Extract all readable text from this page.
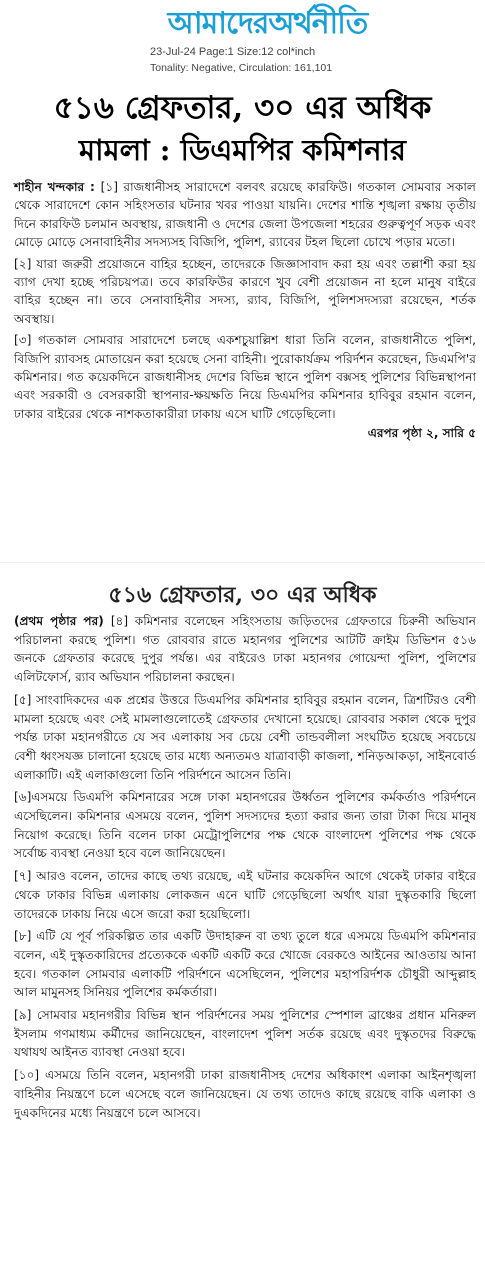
আমাদেরঅর্থনীতি
23-Jul-24 Page:1 Size:12 col*inch
Tonality: Negative, Circulation: 161,101
৫১৬ গ্রেফতার, ৩০ এর অধিক
মামলা : ডিএমপির কমিশনার

শাহীন খন্দকার : [১] রাজধানীসহ সারাদেশে বলবৎ রয়েছে কারফিউ। গতকাল সোমবার সকাল থেকে সারাদেশে কোন সহিংসতার ঘটনার খবর পাওয়া যায়নি। দেশের শান্তি শৃঙ্খলা রক্ষায় তৃতীয় দিনে কারফিউ চলমান অবস্থায়, রাজধানী ও দেশের জেলা উপজেলা শহরের গুরুত্বপূর্ণ সড়ক এবং মোড়ে মোড়ে সেনাবাহিনীর সদস্যসহ বিজিপি, পুলিশ, র‌্যাবের টহল ছিলো চোখে পড়ার মতো।

[২] যারা জরুরী প্রয়োজনে বাহির হচ্ছেন, তাদেরকে জিজ্ঞাসাবাদ করা হয় এবং তল্লাশী করা হয় ব্যাগ দেখা হচ্ছে পরিচয়পত্র। তবে কারফিউর কারণে খুব বেশী প্রয়োজন না হলে মানুষ বাইরে বাহির হচ্ছেন না। তবে সেনাবাহিনীর সদস্য, র‌্যাব, বিজিপি, পুলিশসদস্যরা রয়েছেন, শর্তক অবস্থায়।

[৩] গতকাল সোমবার সারাদেশে চলছে একশচুয়াল্লিশ ধারা তিনি বলেন, রাজধানীতে পুলিশ, বিজিপি র‌্যাবসহ মোতায়েন করা হয়েছে সেনা বাহিনী। পুরোকার্যক্রম পরির্দশন করেছেন, ডিএমপি'র কমিশনার। গত কয়েকদিনে রাজধানীসহ দেশের বিভিন্ন স্থানে পুলিশ বক্সসহ পুলিশের বিভিন্নস্থাপনা এবং সরকারী ও বেসরকারী স্থাপনার-ক্ষয়ক্ষতি নিয়ে ডিএমপির কমিশনার হাবিবুর রহমান বলেন, ঢাকার বাইরের থেকে নাশকতাকারীরা ঢাকায় এসে ঘাটি গেড়েছিলো।

এরপর পৃষ্ঠা ২, সারি ৫
৫১৬ গ্রেফতার, ৩০ এর অধিক

(প্রথম পৃষ্ঠার পর) [৪] কমিশনার বলেছেন সহিংসতায় জড়িতদের গ্রেফতারে চিরুনী অভিযান পরিচালনা করছে পুলিশ। গত রোববার রাতে মহানগর পুলিশের আটটি ক্রাইম ডিভিশন ৫১৬ জনকে গ্রেফতার করেছে দুপুর পর্যন্ত। এর বাইরেও ঢাকা মহানগর গোয়েন্দা পুলিশ, পুলিশের এলিটফোর্স, র‌্যাব অভিযান পরিচালনা করছেন।

[৫] সাংবাদিকদের এক প্রশ্নের উত্তরে ডিএমপির কমিশনার হাবিবুর রহমান বলেন, ত্রিশটিরও বেশী মামলা হয়েছে এবং সেই মামলাগুলোতেই গ্রেফতার দেখানো হয়েছে। রোববার সকাল থেকে দুপুর পর্যন্ত ঢাকা মহানগরীতে যে সব এলাকায় সব চেয়ে বেশী তান্ডবলীলা সংঘটিত হয়েছে সবচেয়ে বেশী ধ্বংসযজ্ঞ চালানো হয়েছে তার মধ্যে অন্যতমও যাত্রাবাড়ী কাজলা, শনিড়আকড়া, সাইনবোর্ড এলাকাটি। এই এলাকাগুলো তিনি পরির্দশনে আসেন তিনি।

[৬]এসময়ে ডিএমপি কমিশনারের সঙ্গে ঢাকা মহানগরের উর্ধ্বতন পুলিশের কর্মকর্তাও পরির্দশনে এসেছিলেন। কমিশনার এসময়ে বলেন, পুলিশ সদস্যদের হত্যা করার জন্য তারা টাকা দিয়ে মানুষ নিয়োগ করেছে। তিনি বলেন ঢাকা মেট্রোপুলিশের পক্ষ থেকে বাংলাদেশ পুলিশের পক্ষ থেকে সর্বোচ্চ ব্যবস্থা নেওয়া হবে বলে জানিয়েছেন।

[৭] আরও বলেন, তাদের কাছে তথ্য রয়েছে, এই ঘটনার কয়েকদিন আগে থেকেই ঢাকার বাইরে থেকে ঢাকার বিভিন্ন এলাকায় লোকজন এনে ঘাটি গেড়েছিলো অর্থাৎ যারা দুস্কৃতকারি ছিলো তাদেরকে ঢাকায় নিয়ে এসে জরো করা হয়েছিলো।

[৮] এটি যে পূর্ব পরিকল্পিত তার একটি উদাহারুন বা তথ্য তুলে ধরে এসময়ে ডিএমপি কমিশনার বলেন, এই দুস্কৃতকারিদের প্রত্যেককে একটি একটি করে খোজে বেরকওে আইনের আওতায় আনা হবে। গতকাল সোমবার এলাকটি পরির্দশনে এসেছিলেন, পুলিশের মহাপরির্দশক চৌধুরী আব্দুল্লাহ আল মামুনসহ সিনিয়র পুলিশের কর্মকর্তারা।

[৯] সোমবার মহানগরীর বিভিন্ন স্থান পরির্দশনের সময় পুলিশের স্পেশাল ব্রাঞ্চের প্রধান মনিরুল ইসলাম গণমাধ্যম কর্মীদের জানিয়েছেন, বাংলাদেশ পুলিশ সর্তক রয়েছে এবং দুস্কৃতদের বিরুদ্ধে যথাযথ আইনত ব্যাবস্থা নেওয়া হবে।

[১০] এসময়ে তিনি বলেন, মহানগরী ঢাকা রাজধানীসহ দেশের অধিকাংশ এলাকা আইনশৃঙ্খলা বাহিনীর নিয়ন্ত্রণে চলে এসেছে বলে জানিয়েছেন। যে তথ্য তাদেও কাছে রয়েছে বাকি এলাকা ও দুএকদিনের মধ্যে নিয়ন্ত্রণে চলে আসবে।
